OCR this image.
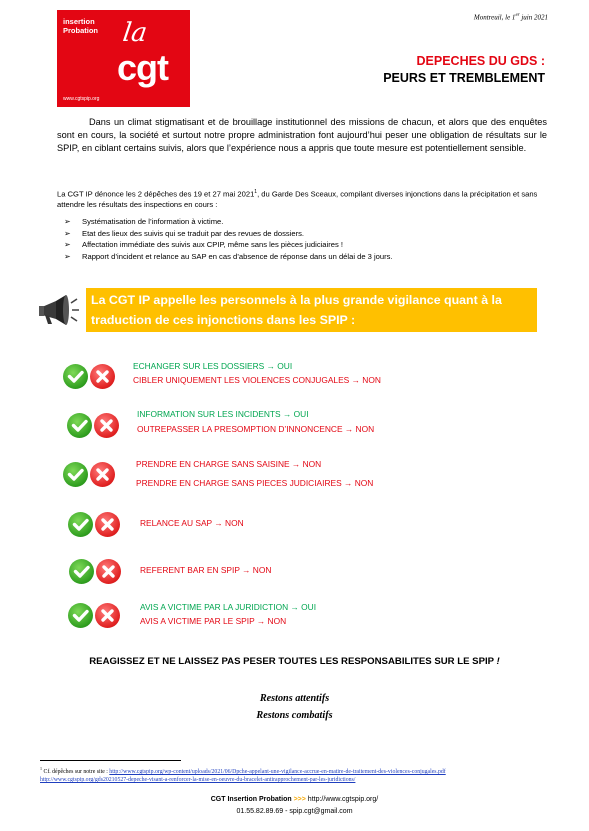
insertion
Probation la
cgt
www.cgtspip.org
Montreuil, le 1er juin 2021
DEPECHES DU GDS :
PEURS ET TREMBLEMENT
Dans un climat stigmatisant et de brouillage institutionnel des missions de chacun, et alors que des enquêtes sont en cours, la société et surtout notre propre administration font aujourd’hui peser une obligation de résultats sur le SPIP, en ciblant certains suivis, alors que l’expérience nous a appris que toute mesure est potentiellement sensible.
La CGT IP dénonce les 2 dépêches des 19 et 27 mai 2021$^1$, du Garde Des Sceaux, compilant diverses injonctions dans la précipitation et sans attendre les résultats des inspections en cours :
➢ Systématisation de l’information à victime.
➢ Etat des lieux des suivis qui se traduit par des revues de dossiers.
➢ Affectation immédiate des suivis aux CPIP, même sans les pièces judiciaires !
➢ Rapport d’incident et relance au SAP en cas d’absence de réponse dans un délai de 3 jours.
La CGT IP appelle les personnels à la plus grande vigilance quant à la traduction de ces injonctions dans les SPIP :
ECHANGER SUR LES DOSSIERS → OUI
CIBLER UNIQUEMENT LES VIOLENCES CONJUGALES → NON
INFORMATION SUR LES INCIDENTS → OUI
OUTREPASSER LA PRESOMPTION D’INNONCENCE → NON
PRENDRE EN CHARGE SANS SAISINE → NON
PRENDRE EN CHARGE SANS PIECES JUDICIAIRES → NON
RELANCE AU SAP → NON
REFERENT BAR EN SPIP → NON
AVIS A VICTIME PAR LA JURIDICTION → OUI
AVIS A VICTIME PAR LE SPIP → NON
REAGISSEZ ET NE LAISSEZ PAS PESER TOUTES LES RESPONSABILITES SUR LE SPIP !
Restons attentifs
Restons combatifs
$^1$ Cf. dépêches sur notre site : http://www.cgtspip.org/wp-content/uploads/2021/06/Dpche-appelant-une-vigilance-accrue-en-matire-de-traitement-des-violences-conjugales.pdf
http://www.cgtspip.org/gds20210527-depeche-visant-a-renforcer-la-mise-en-oeuvre-du-bracelet-antirapprochement-par-les-juridictions/
CGT Insertion Probation >>> http://www.cgtspip.org/
01.55.82.89.69 - spip.cgt@gmail.com
